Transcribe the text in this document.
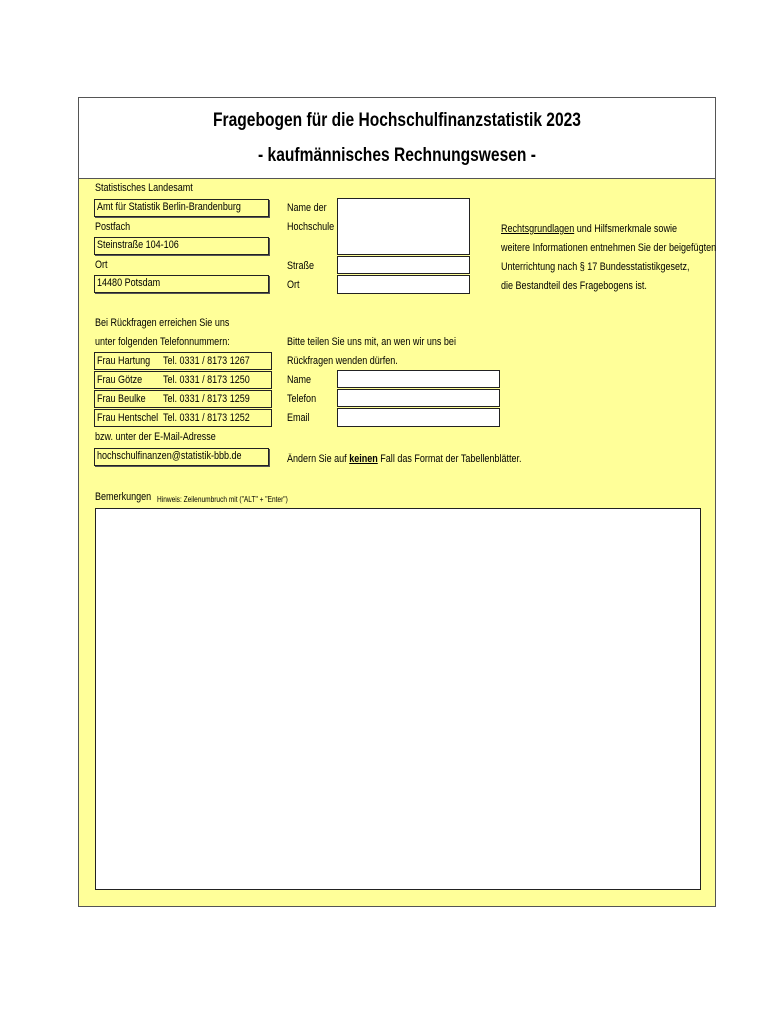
Fragebogen für die Hochschulfinanzstatistik 2023
- kaufmännisches Rechnungswesen -
Statistisches Landesamt
Amt für Statistik Berlin-Brandenburg
Postfach
Steinstraße 104-106
Ort
14480 Potsdam
Name der
Hochschule
Straße
Ort
Rechtsgrundlagen und Hilfsmerkmale sowie
weitere Informationen entnehmen Sie der beigefügten
Unterrichtung nach § 17 Bundesstatistikgesetz,
die Bestandteil des Fragebogens ist.
Bei Rückfragen erreichen Sie uns
unter folgenden Telefonnummern:
Frau Hartung Tel. 0331 / 8173 1267
Frau Götze Tel. 0331 / 8173 1250
Frau Beulke Tel. 0331 / 8173 1259
Frau Hentschel Tel. 0331 / 8173 1252
bzw. unter der E-Mail-Adresse
hochschulfinanzen@statistik-bbb.de
Bitte teilen Sie uns mit, an wen wir uns bei
Rückfragen wenden dürfen.
Name
Telefon
Email
Ändern Sie auf keinen Fall das Format der Tabellenblätter.
Bemerkungen Hinweis: Zeilenumbruch mit ("ALT" + "Enter")
